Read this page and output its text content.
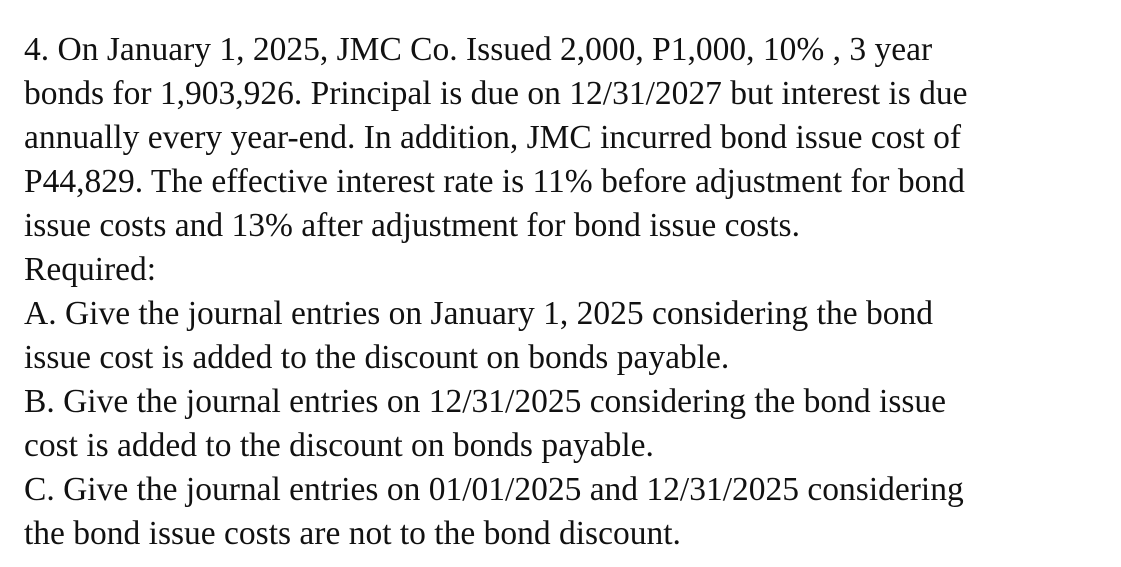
4. On January 1, 2025, JMC Co. Issued 2,000, P1,000, 10% , 3 year
bonds for 1,903,926. Principal is due on 12/31/2027 but interest is due
annually every year-end. In addition, JMC incurred bond issue cost of
P44,829. The effective interest rate is 11% before adjustment for bond
issue costs and 13% after adjustment for bond issue costs.
Required:
A. Give the journal entries on January 1, 2025 considering the bond
issue cost is added to the discount on bonds payable.
B. Give the journal entries on 12/31/2025 considering the bond issue
cost is added to the discount on bonds payable.
C. Give the journal entries on 01/01/2025 and 12/31/2025 considering
the bond issue costs are not to the bond discount.
